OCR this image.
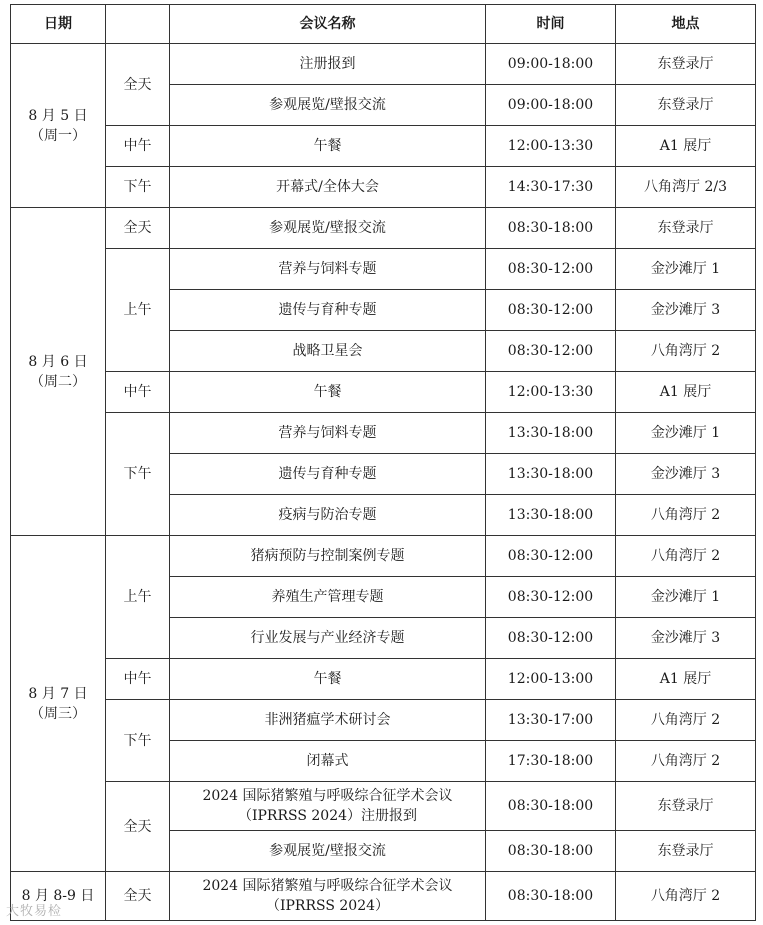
日期		会议名称	时间	地点

8 月 5 日
（周一）	全天	注册报到	09:00-18:00	东登录厅
		参观展览/壁报交流	09:00-18:00	东登录厅
	中午	午餐	12:00-13:30	A1 展厅
	下午	开幕式/全体大会	14:30-17:30	八角湾厅 2/3

8 月 6 日
（周二）	全天	参观展览/壁报交流	08:30-18:00	东登录厅
	上午	营养与饲料专题	08:30-12:00	金沙滩厅 1
		遗传与育种专题	08:30-12:00	金沙滩厅 3
		战略卫星会	08:30-12:00	八角湾厅 2
	中午	午餐	12:00-13:30	A1 展厅
	下午	营养与饲料专题	13:30-18:00	金沙滩厅 1
		遗传与育种专题	13:30-18:00	金沙滩厅 3
		疫病与防治专题	13:30-18:00	八角湾厅 2

8 月 7 日
（周三）	上午	猪病预防与控制案例专题	08:30-12:00	八角湾厅 2
		养殖生产管理专题	08:30-12:00	金沙滩厅 1
		行业发展与产业经济专题	08:30-12:00	金沙滩厅 3
	中午	午餐	12:00-13:00	A1 展厅
	下午	非洲猪瘟学术研讨会	13:30-17:00	八角湾厅 2
		闭幕式	17:30-18:00	八角湾厅 2
	全天	2024 国际猪繁殖与呼吸综合征学术会议
（IPRRSS 2024）注册报到	08:30-18:00	东登录厅
		参观展览/壁报交流	08:30-18:00	东登录厅
8 月 8-9 日	全天	2024 国际猪繁殖与呼吸综合征学术会议
（IPRRSS 2024）	08:30-18:00	八角湾厅 2
大牧易检
